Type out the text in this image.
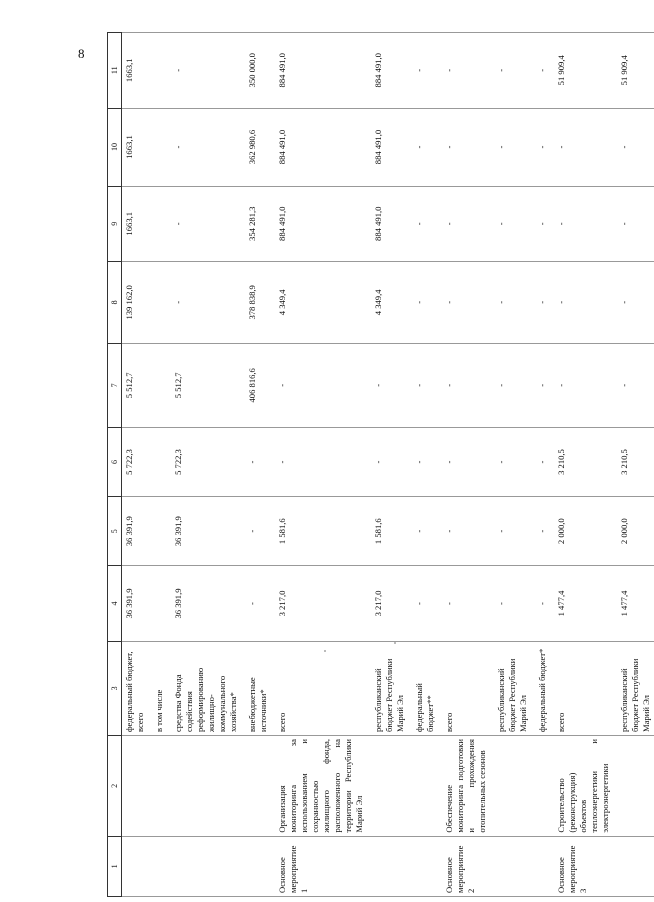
8
1	2	3	4	5	6	7	8	9	10	11
		федеральный бюджет, всего	36 391,9	36 391,9	5 722,3	5 512,7	139 162,0	1663,1	1663,1	1663,1
		в том числе								
		средства Фонда содействия реформированию жилищно-коммунального хозяйства*	36 391,9	36 391,9	5 722,3	5 512,7	-	-	-	-
		внебюджетные источники*	-	-	-	406 816,6	378 838,9	354 281,3	362 980,6	350 000,0
Основное мероприятие 1	Организация мониторинга за использованием и сохранностью жилищного фонда, расположенного на территории Республики Марий Эл	всего	3 217,0	1 581,6	-	-	4 349,4	884 491,0	884 491,0	884 491,0
		республиканский бюджет Республики Марий Эл	3 217,0	1 581,6	-	-	4 349,4	884 491,0	884 491,0	884 491,0
		федеральный бюджет**	-	-	-	-	-	-	-	-
Основное мероприятие 2	Обеспечение мониторинга подготовки и прохождения отопительных сезонов	всего	-	-	-	-	-	-	-	-
		республиканский бюджет Республики Марий Эл	-	-	-	-	-	-	-	-
		федеральный бюджет*	-	-	-	-	-	-	-	-
Основное мероприятие 3	Строительство (реконструкция) объектов теплоэнергетики и электроэнергетики	всего	1 477,4	2 000,0	3 210,5	-	-	-	-	51 909,4
		республиканский бюджет Республики Марий Эл	1 477,4	2 000,0	3 210,5	-	-	-	-	51 909,4
